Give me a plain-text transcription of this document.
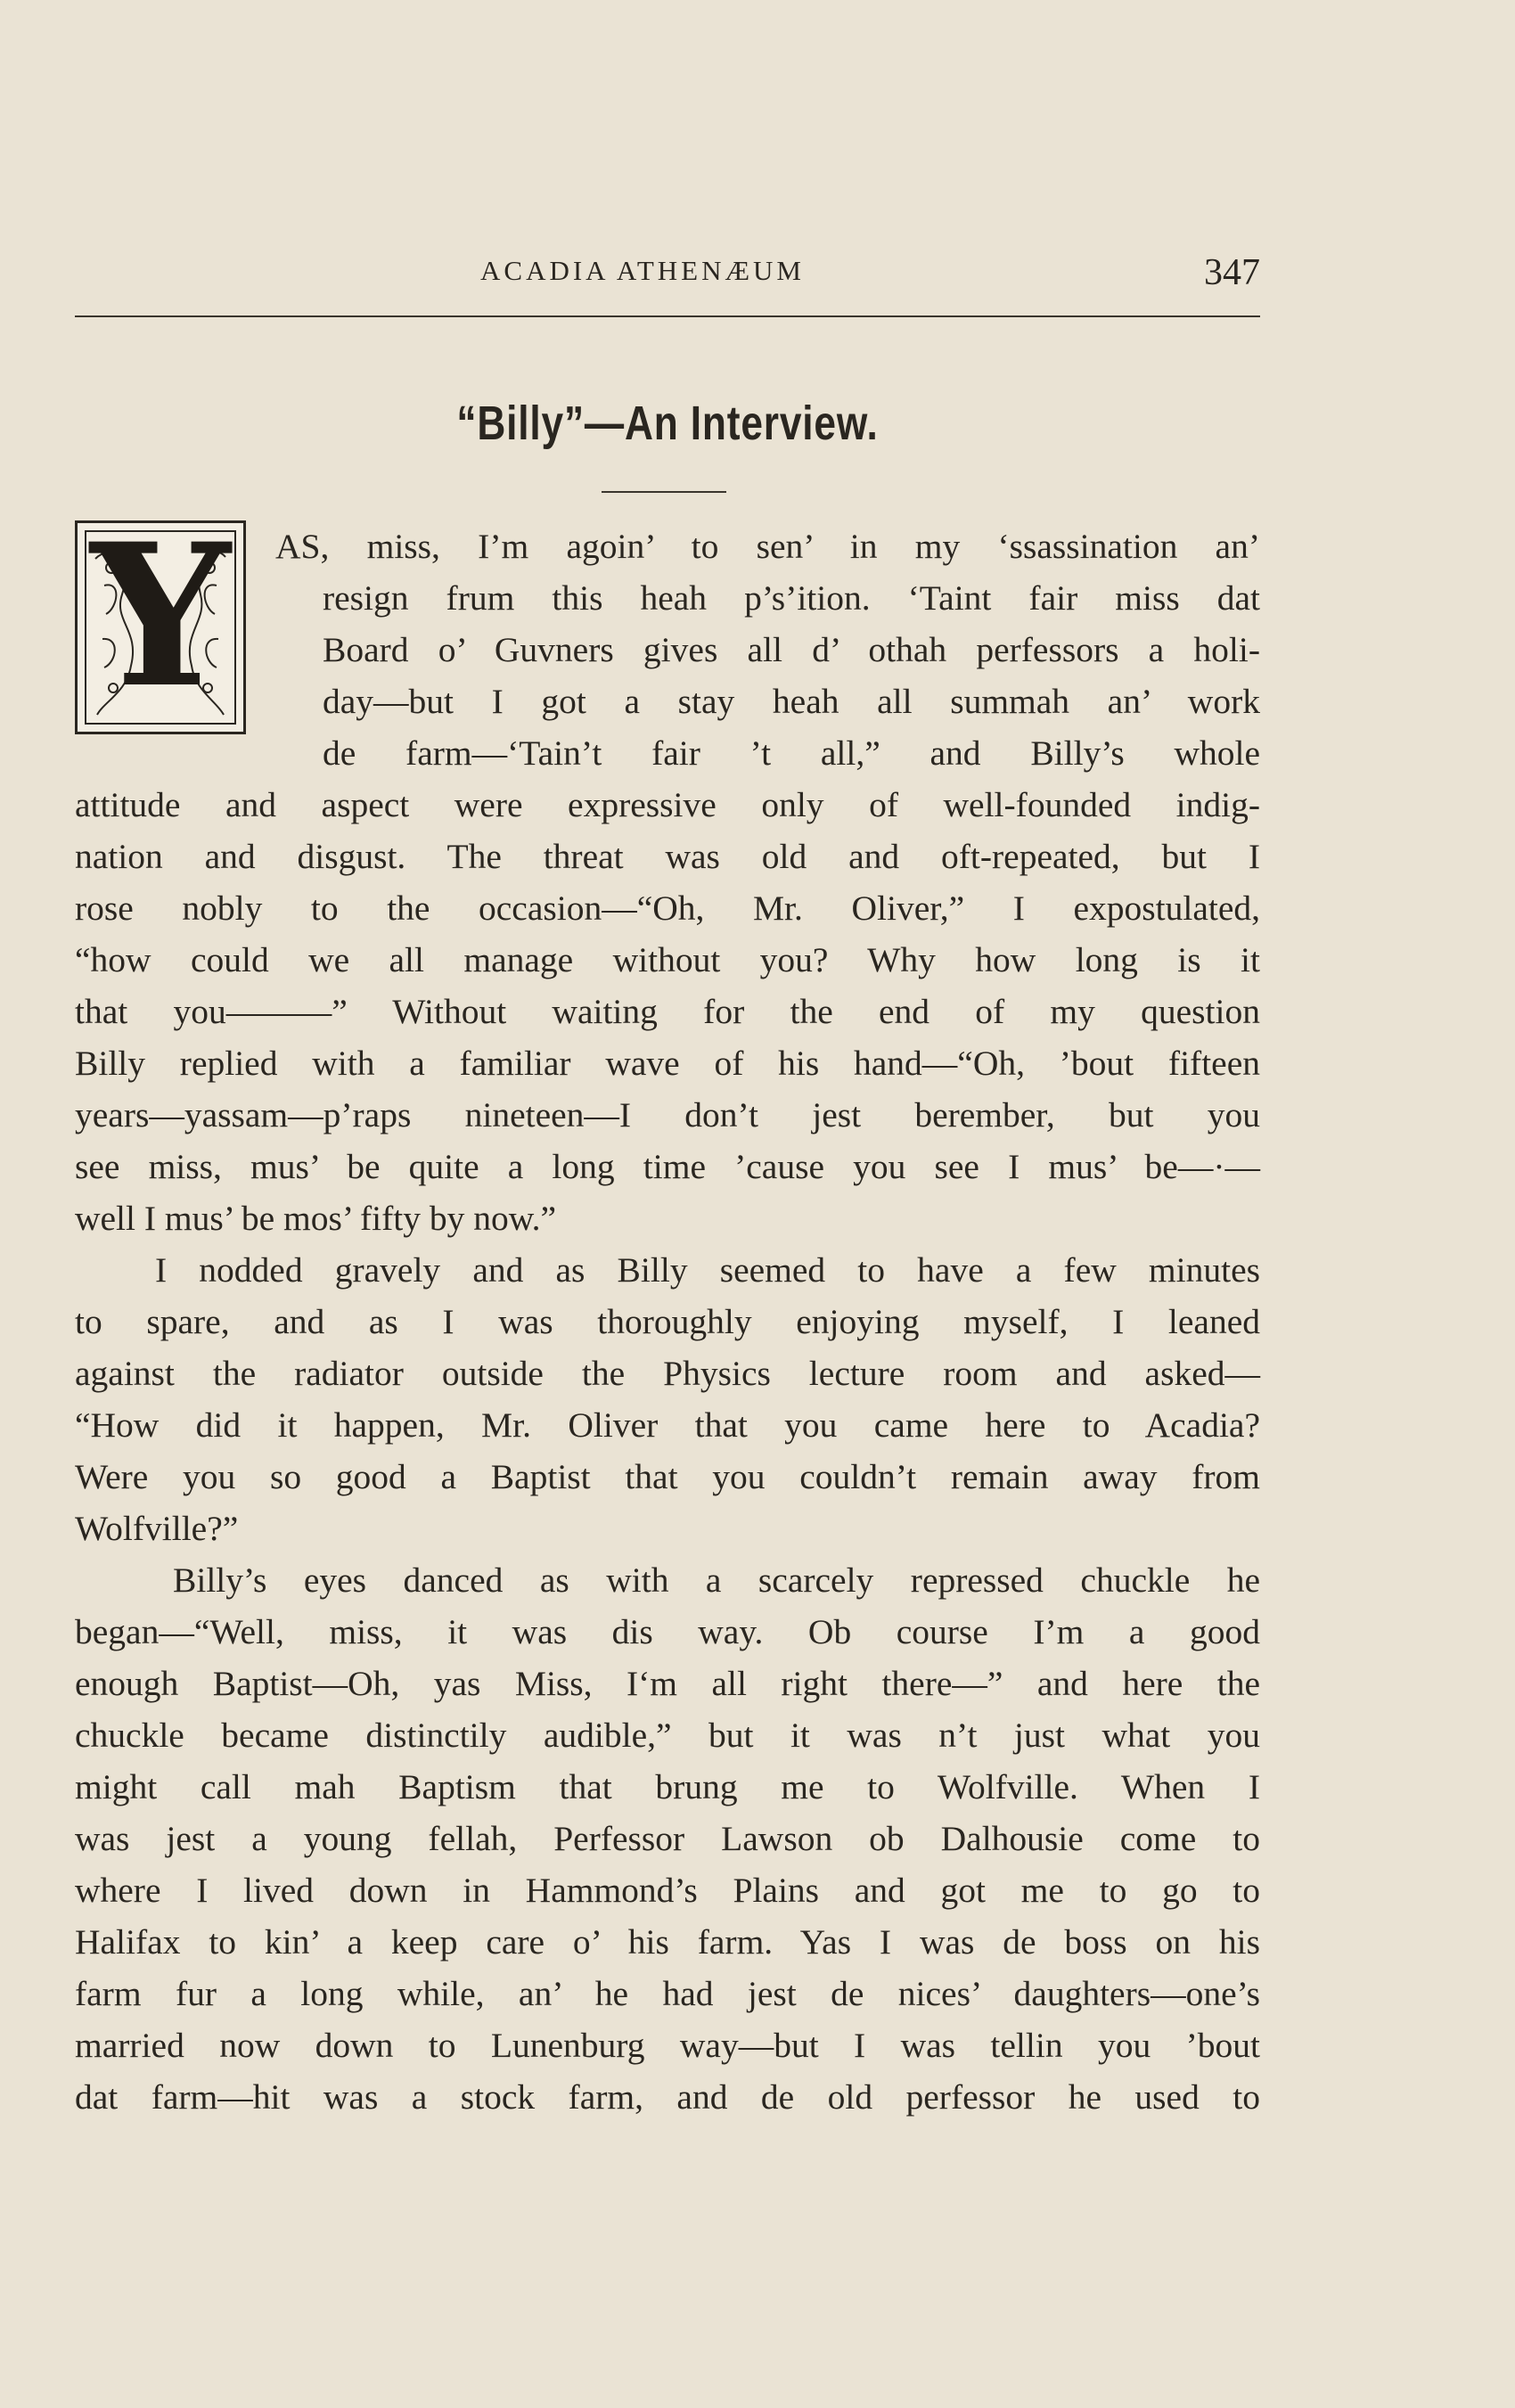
ACADIA ATHENÆUM	347
“Billy”—An Interview.
Y	AS, miss, I’m agoin’ to sen’ in my ‘ssassination an’
resign frum this heah p’s’ition. ‘Taint fair miss dat
Board o’ Guvners gives all d’ othah perfessors a holi-
day—but I got a stay heah all summah an’ work
de farm—‘Tain’t fair ’t all,” and Billy’s whole
attitude and aspect were expressive only of well-founded indig-
nation and disgust. The threat was old and oft-repeated, but I
rose nobly to the occasion—“Oh, Mr. Oliver,” I expostulated,
“how could we all manage without you? Why how long is it
that you———” Without waiting for the end of my question
Billy replied with a familiar wave of his hand—“Oh, ’bout fifteen
years—yassam—p’raps nineteen—I don’t jest berember, but you
see miss, mus’ be quite a long time ’cause you see I mus’ be—·—
well I mus’ be mos’ fifty by now.”
I nodded gravely and as Billy seemed to have a few minutes
to spare, and as I was thoroughly enjoying myself, I leaned
against the radiator outside the Physics lecture room and asked—
“How did it happen, Mr. Oliver that you came here to Acadia?
Were you so good a Baptist that you couldn’t remain away from
Wolfville?”
Billy’s eyes danced as with a scarcely repressed chuckle he
began—“Well, miss, it was dis way. Ob course I’m a good
enough Baptist—Oh, yas Miss, I‘m all right there—” and here the
chuckle became distinctily audible,” but it was n’t just what you
might call mah Baptism that brung me to Wolfville. When I
was jest a young fellah, Perfessor Lawson ob Dalhousie come to
where I lived down in Hammond’s Plains and got me to go to
Halifax to kin’ a keep care o’ his farm. Yas I was de boss on his
farm fur a long while, an’ he had jest de nices’ daughters—one’s
married now down to Lunenburg way—but I was tellin you ’bout
dat farm—hit was a stock farm, and de old perfessor he used to
